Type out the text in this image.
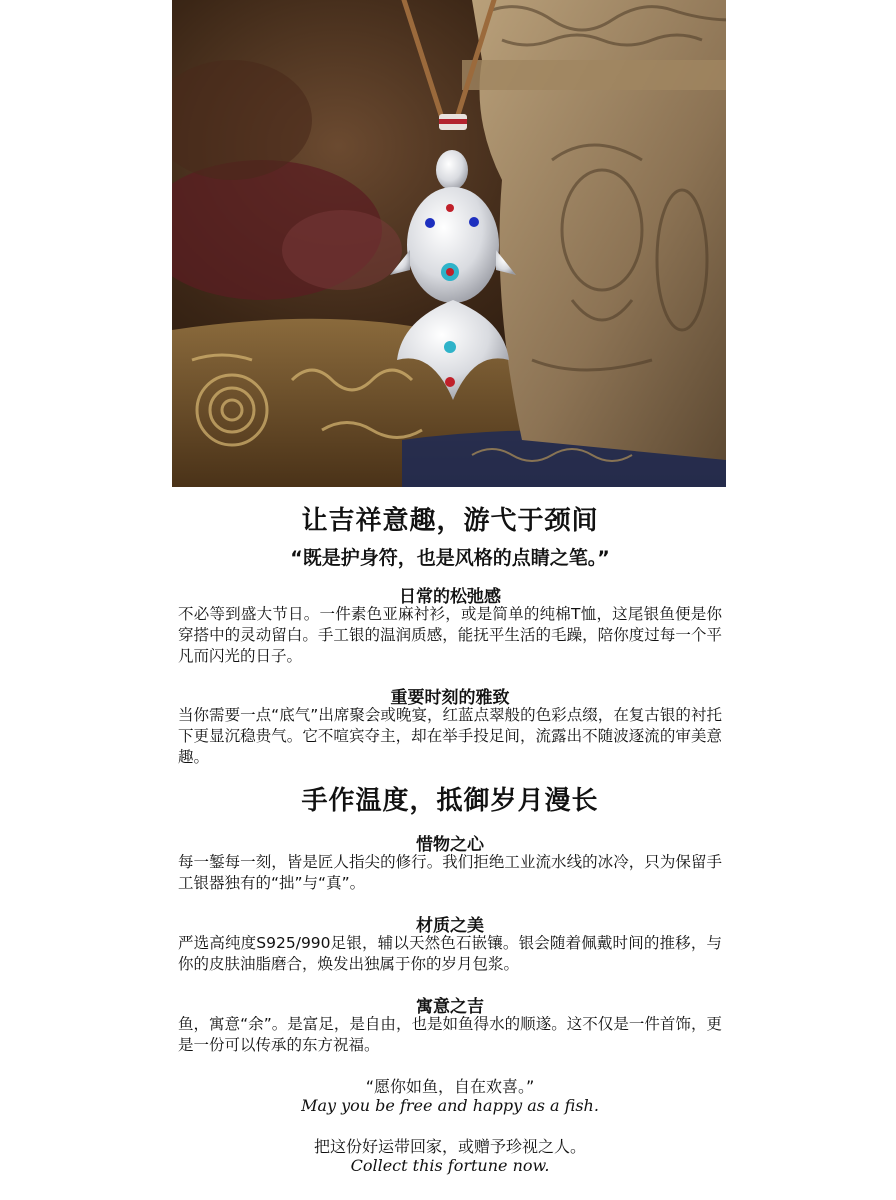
让吉祥意趣，游弋于颈间
“既是护身符，也是风格的点睛之笔。”
日常的松弛感
不必等到盛大节日。一件素色亚麻衬衫，或是简单的纯棉T恤，这尾银鱼便是你穿搭中的灵动留白。手工银的温润质感，能抚平生活的毛躁，陪你度过每一个平凡而闪光的日子。
重要时刻的雅致
当你需要一点“底气”出席聚会或晚宴，红蓝点翠般的色彩点缀，在复古银的衬托下更显沉稳贵气。它不喧宾夺主，却在举手投足间，流露出不随波逐流的审美意趣。
手作温度，抵御岁月漫长
惜物之心
每一錾每一刻，皆是匠人指尖的修行。我们拒绝工业流水线的冰冷，只为保留手工银器独有的“拙”与“真”。
材质之美
严选高纯度S925/990足银，辅以天然色石嵌镶。银会随着佩戴时间的推移，与你的皮肤油脂磨合，焕发出独属于你的岁月包浆。
寓意之吉
鱼，寓意“余”。是富足，是自由，也是如鱼得水的顺遂。这不仅是一件首饰，更是一份可以传承的东方祝福。
“愿你如鱼，自在欢喜。”
May you be free and happy as a fish.
把这份好运带回家，或赠予珍视之人。
Collect this fortune now.
